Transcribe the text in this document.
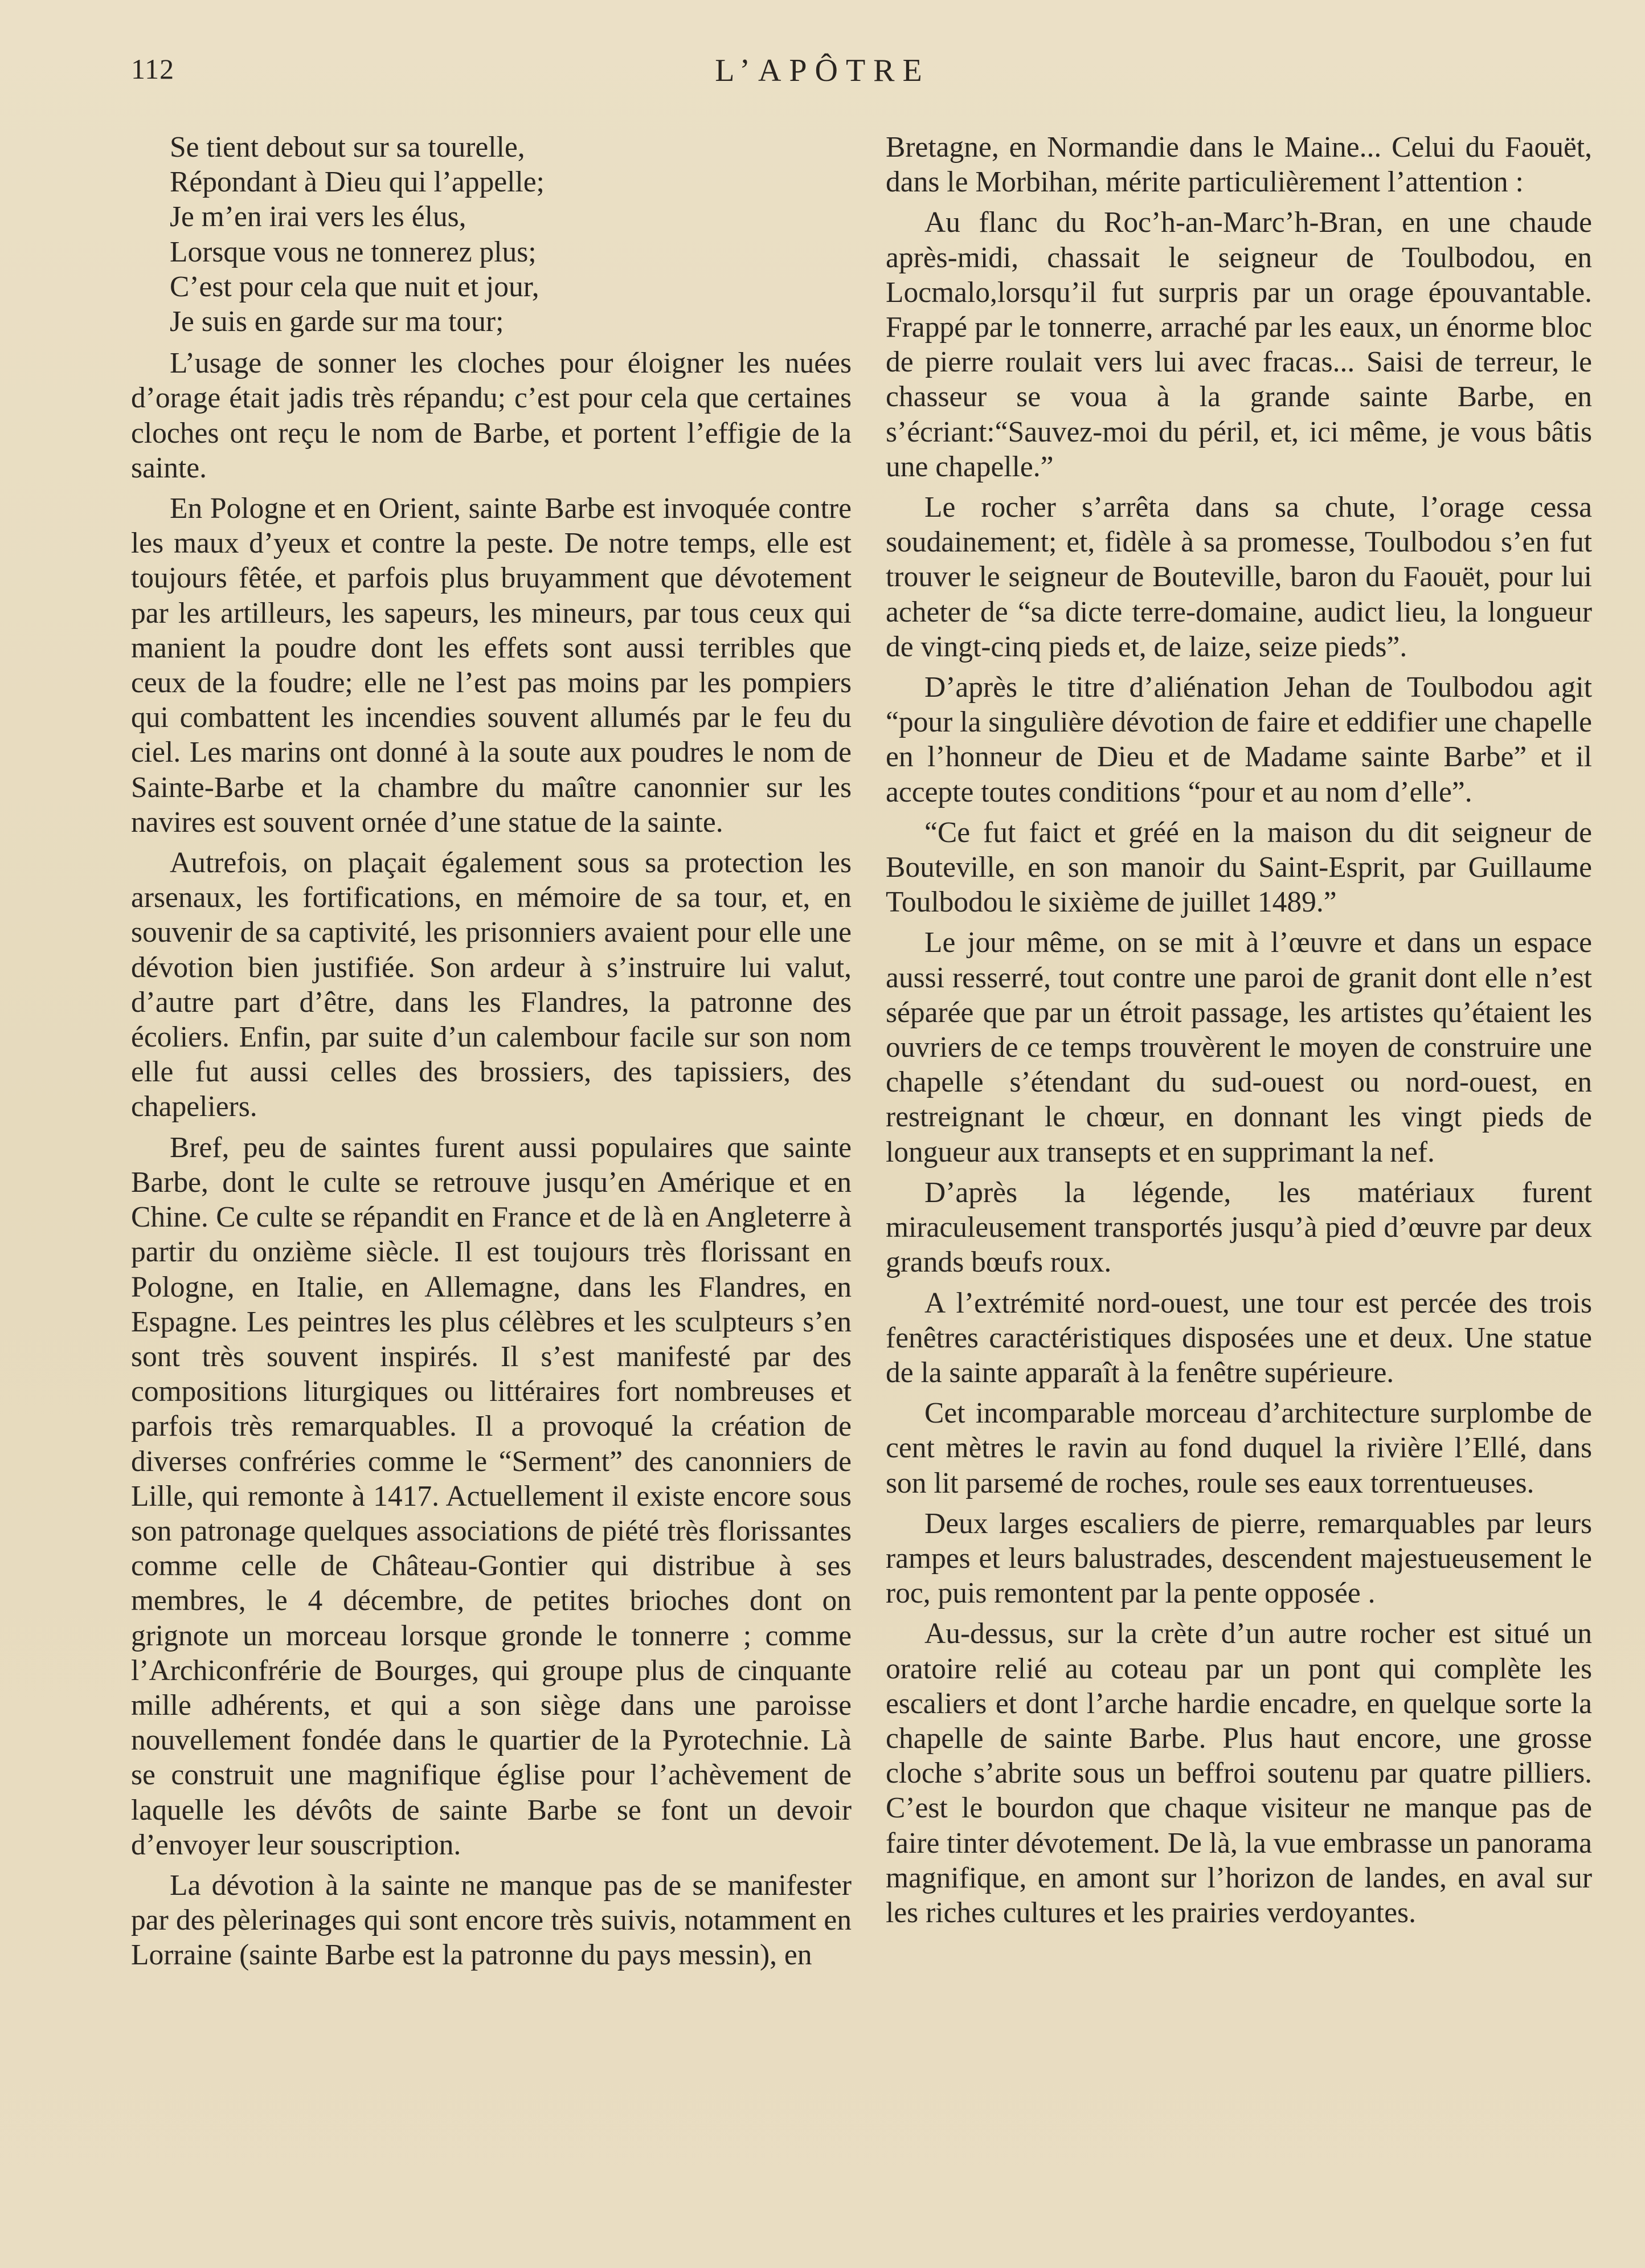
112	L’APÔTRE
Se tient debout sur sa tourelle,
Répondant à Dieu qui l’appelle;
Je m’en irai vers les élus,
Lorsque vous ne tonnerez plus;
C’est pour cela que nuit et jour,
Je suis en garde sur ma tour;

L’usage de sonner les cloches pour éloigner les nuées d’orage était jadis très répandu; c’est pour cela que certaines cloches ont reçu le nom de Barbe, et portent l’effigie de la sainte.

En Pologne et en Orient, sainte Barbe est invoquée contre les maux d’yeux et contre la peste. De notre temps, elle est toujours fêtée, et parfois plus bruyamment que dévotement par les artilleurs, les sapeurs, les mineurs, par tous ceux qui manient la poudre dont les effets sont aussi terribles que ceux de la foudre; elle ne l’est pas moins par les pompiers qui combattent les incendies souvent allumés par le feu du ciel. Les marins ont donné à la soute aux poudres le nom de Sainte-Barbe et la chambre du maître canonnier sur les navires est souvent ornée d’une statue de la sainte.

Autrefois, on plaçait également sous sa protection les arsenaux, les fortifications, en mémoire de sa tour, et, en souvenir de sa captivité, les prisonniers avaient pour elle une dévotion bien justifiée. Son ardeur à s’instruire lui valut, d’autre part d’être, dans les Flandres, la patronne des écoliers. Enfin, par suite d’un calembour facile sur son nom elle fut aussi celles des brossiers, des tapissiers, des chapeliers.

Bref, peu de saintes furent aussi populaires que sainte Barbe, dont le culte se retrouve jusqu’en Amérique et en Chine. Ce culte se répandit en France et de là en Angleterre à partir du onzième siècle. Il est toujours très florissant en Pologne, en Italie, en Allemagne, dans les Flandres, en Espagne. Les peintres les plus célèbres et les sculpteurs s’en sont très souvent inspirés. Il s’est manifesté par des compositions liturgiques ou littéraires fort nombreuses et parfois très remarquables. Il a provoqué la création de diverses confréries comme le “Serment” des canonniers de Lille, qui remonte à 1417. Actuellement il existe encore sous son patronage quelques associations de piété très florissantes comme celle de Château-Gontier qui distribue à ses membres, le 4 décembre, de petites brioches dont on grignote un morceau lorsque gronde le tonnerre ; comme l’Archiconfrérie de Bourges, qui groupe plus de cinquante mille adhérents, et qui a son siège dans une paroisse nouvellement fondée dans le quartier de la Pyrotechnie. Là se construit une magnifique église pour l’achèvement de laquelle les dévôts de sainte Barbe se font un devoir d’envoyer leur souscription.

La dévotion à la sainte ne manque pas de se manifester par des pèlerinages qui sont encore très suivis, notamment en Lorraine (sainte Barbe est la patronne du pays messin), en

Bretagne, en Normandie dans le Maine... Celui du Faouët, dans le Morbihan, mérite particulièrement l’attention :

Au flanc du Roc’h-an-Marc’h-Bran, en une chaude après-midi, chassait le seigneur de Toulbodou, en Locmalo,lorsqu’il fut surpris par un orage épouvantable. Frappé par le tonnerre, arraché par les eaux, un énorme bloc de pierre roulait vers lui avec fracas... Saisi de terreur, le chasseur se voua à la grande sainte Barbe, en s’écriant:“Sauvez-moi du péril, et, ici même, je vous bâtis une chapelle.”

Le rocher s’arrêta dans sa chute, l’orage cessa soudainement; et, fidèle à sa promesse, Toulbodou s’en fut trouver le seigneur de Bouteville, baron du Faouët, pour lui acheter de “sa dicte terre-domaine, audict lieu, la longueur de vingt-cinq pieds et, de laize, seize pieds”.

D’après le titre d’aliénation Jehan de Toulbodou agit “pour la singulière dévotion de faire et eddifier une chapelle en l’honneur de Dieu et de Madame sainte Barbe” et il accepte toutes conditions “pour et au nom d’elle”.

“Ce fut faict et gréé en la maison du dit seigneur de Bouteville, en son manoir du Saint-Esprit, par Guillaume Toulbodou le sixième de juillet 1489.”

Le jour même, on se mit à l’œuvre et dans un espace aussi resserré, tout contre une paroi de granit dont elle n’est séparée que par un étroit passage, les artistes qu’étaient les ouvriers de ce temps trouvèrent le moyen de construire une chapelle s’étendant du sud-ouest ou nord-ouest, en restreignant le chœur, en donnant les vingt pieds de longueur aux transepts et en supprimant la nef.

D’après la légende, les matériaux furent miraculeusement transportés jusqu’à pied d’œuvre par deux grands bœufs roux.

A l’extrémité nord-ouest, une tour est percée des trois fenêtres caractéristiques disposées une et deux. Une statue de la sainte apparaît à la fenêtre supérieure.

Cet incomparable morceau d’architecture surplombe de cent mètres le ravin au fond duquel la rivière l’Ellé, dans son lit parsemé de roches, roule ses eaux torrentueuses.

Deux larges escaliers de pierre, remarquables par leurs rampes et leurs balustrades, descendent majestueusement le roc, puis remontent par la pente opposée .

Au-dessus, sur la crète d’un autre rocher est situé un oratoire relié au coteau par un pont qui complète les escaliers et dont l’arche hardie encadre, en quelque sorte la chapelle de sainte Barbe. Plus haut encore, une grosse cloche s’abrite sous un beffroi soutenu par quatre pilliers. C’est le bourdon que chaque visiteur ne manque pas de faire tinter dévotement. De là, la vue embrasse un panorama magnifique, en amont sur l’horizon de landes, en aval sur les riches cultures et les prairies verdoyantes.
